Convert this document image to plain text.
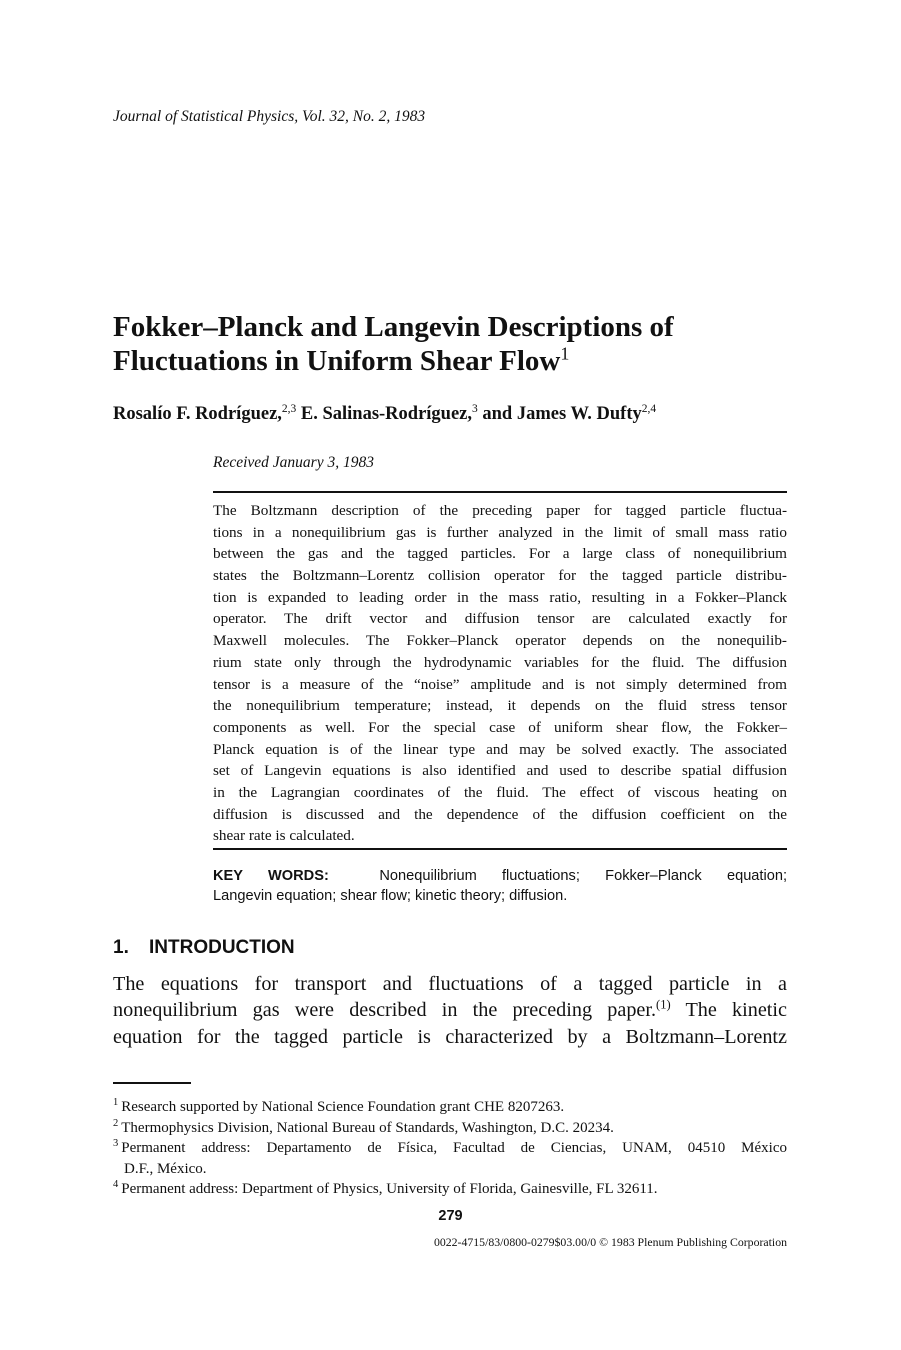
Journal of Statistical Physics, Vol. 32, No. 2, 1983
Fokker–Planck and Langevin Descriptions of
Fluctuations in Uniform Shear Flow$^1$
Rosalío F. Rodríguez,$^{2,3}$ E. Salinas-Rodríguez,$^3$ and James W. Dufty$^{2,4}$
Received January 3, 1983
The Boltzmann description of the preceding paper for tagged particle fluctua-
tions in a nonequilibrium gas is further analyzed in the limit of small mass ratio
between the gas and the tagged particles. For a large class of nonequilibrium
states the Boltzmann–Lorentz collision operator for the tagged particle distribu-
tion is expanded to leading order in the mass ratio, resulting in a Fokker–Planck
operator. The drift vector and diffusion tensor are calculated exactly for
Maxwell molecules. The Fokker–Planck operator depends on the nonequilib-
rium state only through the hydrodynamic variables for the fluid. The diffusion
tensor is a measure of the “noise” amplitude and is not simply determined from
the nonequilibrium temperature; instead, it depends on the fluid stress tensor
components as well. For the special case of uniform shear flow, the Fokker–
Planck equation is of the linear type and may be solved exactly. The associated
set of Langevin equations is also identified and used to describe spatial diffusion
in the Lagrangian coordinates of the fluid. The effect of viscous heating on
diffusion is discussed and the dependence of the diffusion coefficient on the
shear rate is calculated.
KEY WORDS:	Nonequilibrium fluctuations; Fokker–Planck equation;
Langevin equation; shear flow; kinetic theory; diffusion.
1. INTRODUCTION
The equations for transport and fluctuations of a tagged particle in a
nonequilibrium gas were described in the preceding paper.$^{(1)}$ The kinetic
equation for the tagged particle is characterized by a Boltzmann–Lorentz
$^1$ Research supported by National Science Foundation grant CHE 8207263.
$^2$ Thermophysics Division, National Bureau of Standards, Washington, D.C. 20234.
$^3$ Permanent address: Departamento de Física, Facultad de Ciencias, UNAM, 04510 México
D.F., México.
$^4$ Permanent address: Department of Physics, University of Florida, Gainesville, FL 32611.
279
0022-4715/83/0800-0279$03.00/0 © 1983 Plenum Publishing Corporation
